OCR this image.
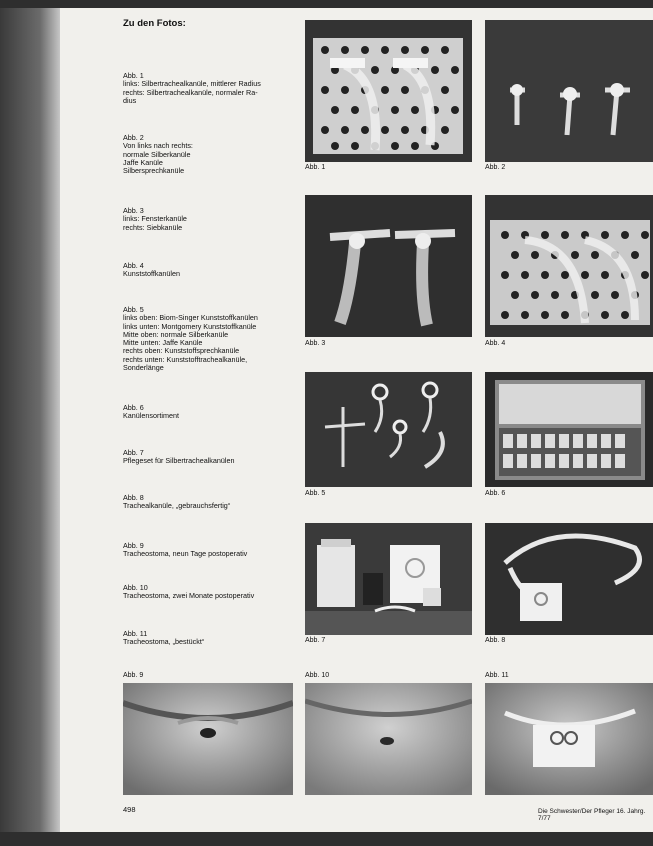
Zu den Fotos:
Abb. 1
links: Silbertrachealkanüle, mittlerer Radius
rechts: Silbertrachealkanüle, normaler Ra-
dius
Abb. 2
Von links nach rechts:
normale Silberkanüle
Jaffe Kanüle
Silbersprechkanüle
Abb. 3
links: Fensterkanüle
rechts: Siebkanüle
Abb. 4
Kunststoffkanülen
Abb. 5
links oben: Biom-Singer Kunststoffkanülen
links unten: Montgomery Kunststoffkanüle
Mitte oben: normale Silberkanüle
Mitte unten: Jaffe Kanüle
rechts oben: Kunststoffsprechkanüle
rechts unten: Kunststofftrachealkanüle,
Sonderlänge
Abb. 6
Kanülensortiment
Abb. 7
Pflegeset für Silbertrachealkanülen
Abb. 8
Trachealkanüle, „gebrauchsfertig“
Abb. 9
Tracheostoma, neun Tage postoperativ
Abb. 10
Tracheostoma, zwei Monate postoperativ
Abb. 11
Tracheostoma, „bestückt“
Abb. 1	Abb. 2
Abb. 3	Abb. 4
Abb. 5	Abb. 6
Abb. 7	Abb. 8
Abb. 9	Abb. 10	Abb. 11
498	Die Schwester/Der Pfleger 16. Jahrg. 7/77
